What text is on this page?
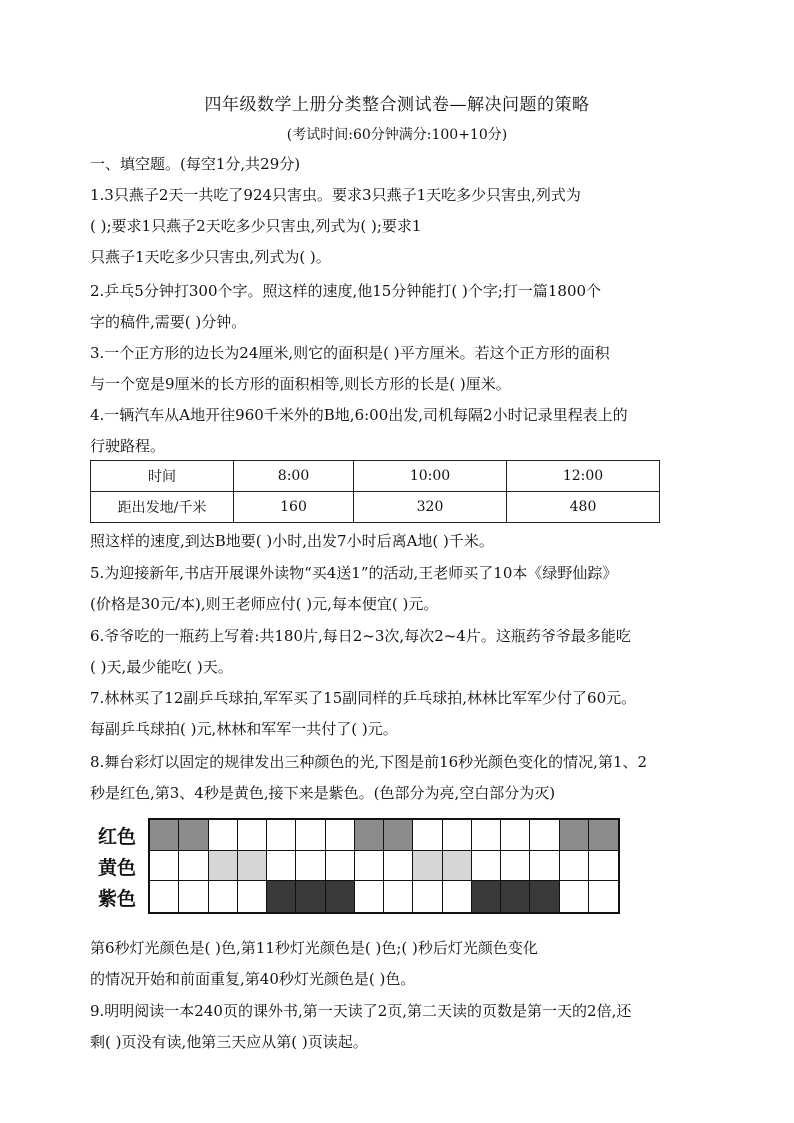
四年级数学上册分类整合测试卷—解决问题的策略
(考试时间:60分钟满分:100+10分)
一、填空题。(每空1分,共29分)
1.3只燕子2天一共吃了924只害虫。要求3只燕子1天吃多少只害虫,列式为
( );要求1只燕子2天吃多少只害虫,列式为( );要求1
只燕子1天吃多少只害虫,列式为( )。
2.乒乓5分钟打300个字。照这样的速度,他15分钟能打( )个字;打一篇1800个
字的稿件,需要( )分钟。
3.一个正方形的边长为24厘米,则它的面积是( )平方厘米。若这个正方形的面积
与一个宽是9厘米的长方形的面积相等,则长方形的长是( )厘米。
4.一辆汽车从A地开往960千米外的B地,6:00出发,司机每隔2小时记录里程表上的
行驶路程。
时间	8:00	10:00	12:00
距出发地/千米	160	320	480
照这样的速度,到达B地要( )小时,出发7小时后离A地( )千米。
5.为迎接新年,书店开展课外读物“买4送1”的活动,王老师买了10本《绿野仙踪》
(价格是30元/本),则王老师应付( )元,每本便宜( )元。
6.爷爷吃的一瓶药上写着:共180片,每日2~3次,每次2~4片。这瓶药爷爷最多能吃
( )天,最少能吃( )天。
7.林林买了12副乒乓球拍,军军买了15副同样的乒乓球拍,林林比军军少付了60元。
每副乒乓球拍( )元,林林和军军一共付了( )元。
8.舞台彩灯以固定的规律发出三种颜色的光,下图是前16秒光颜色变化的情况,第1、2
秒是红色,第3、4秒是黄色,接下来是紫色。(色部分为亮,空白部分为灭)
红色
黄色
紫色
第6秒灯光颜色是( )色,第11秒灯光颜色是( )色;( )秒后灯光颜色变化
的情况开始和前面重复,第40秒灯光颜色是( )色。
9.明明阅读一本240页的课外书,第一天读了2页,第二天读的页数是第一天的2倍,还
剩( )页没有读,他第三天应从第( )页读起。
